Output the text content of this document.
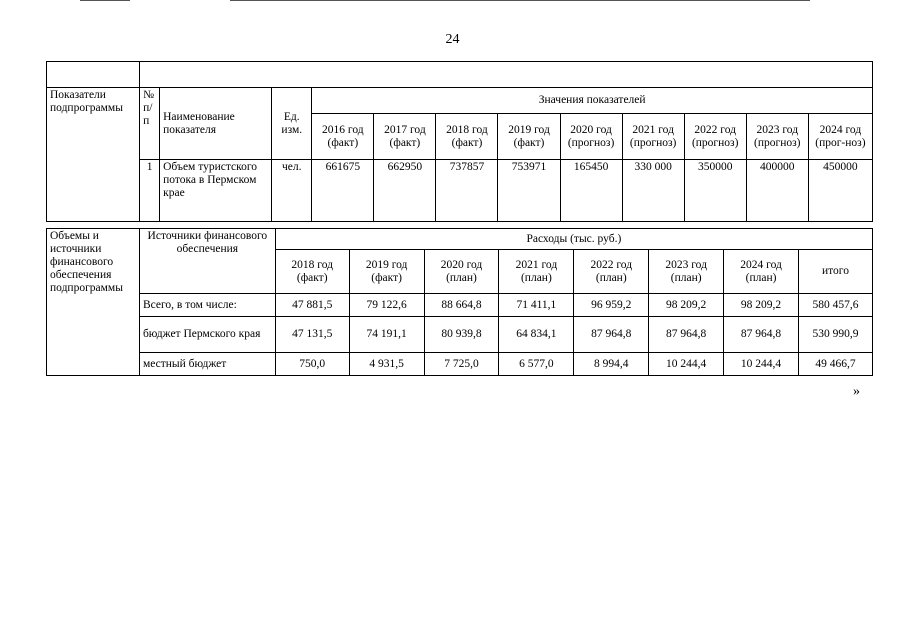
24

Показатели подпрограммы	№ п/п	Наименование показателя	Ед. изм.	Значения показателей								
				2016 год (факт)	2017 год (факт)	2018 год (факт)	2019 год (факт)	2020 год (прогноз)	2021 год (прогноз)	2022 год (прогноз)	2023 год (прогноз)	2024 год (прог-ноз)
	1	Объем туристского потока в Пермском крае	чел.	661675	662950	737857	753971	165450	330 000	350000	400000	450000
Объемы и источники финансового обеспечения подпрограммы	Источники финансового обеспечения	Расходы (тыс. руб.)							
		2018 год (факт)	2019 год (факт)	2020 год (план)	2021 год (план)	2022 год (план)	2023 год (план)	2024 год (план)	итого
	Всего, в том числе:	47 881,5	79 122,6	88 664,8	71 411,1	96 959,2	98 209,2	98 209,2	580 457,6
	бюджет Пермского края	47 131,5	74 191,1	80 939,8	64 834,1	87 964,8	87 964,8	87 964,8	530 990,9
	местный бюджет	750,0	4 931,5	7 725,0	6 577,0	8 994,4	10 244,4	10 244,4	49 466,7
»
